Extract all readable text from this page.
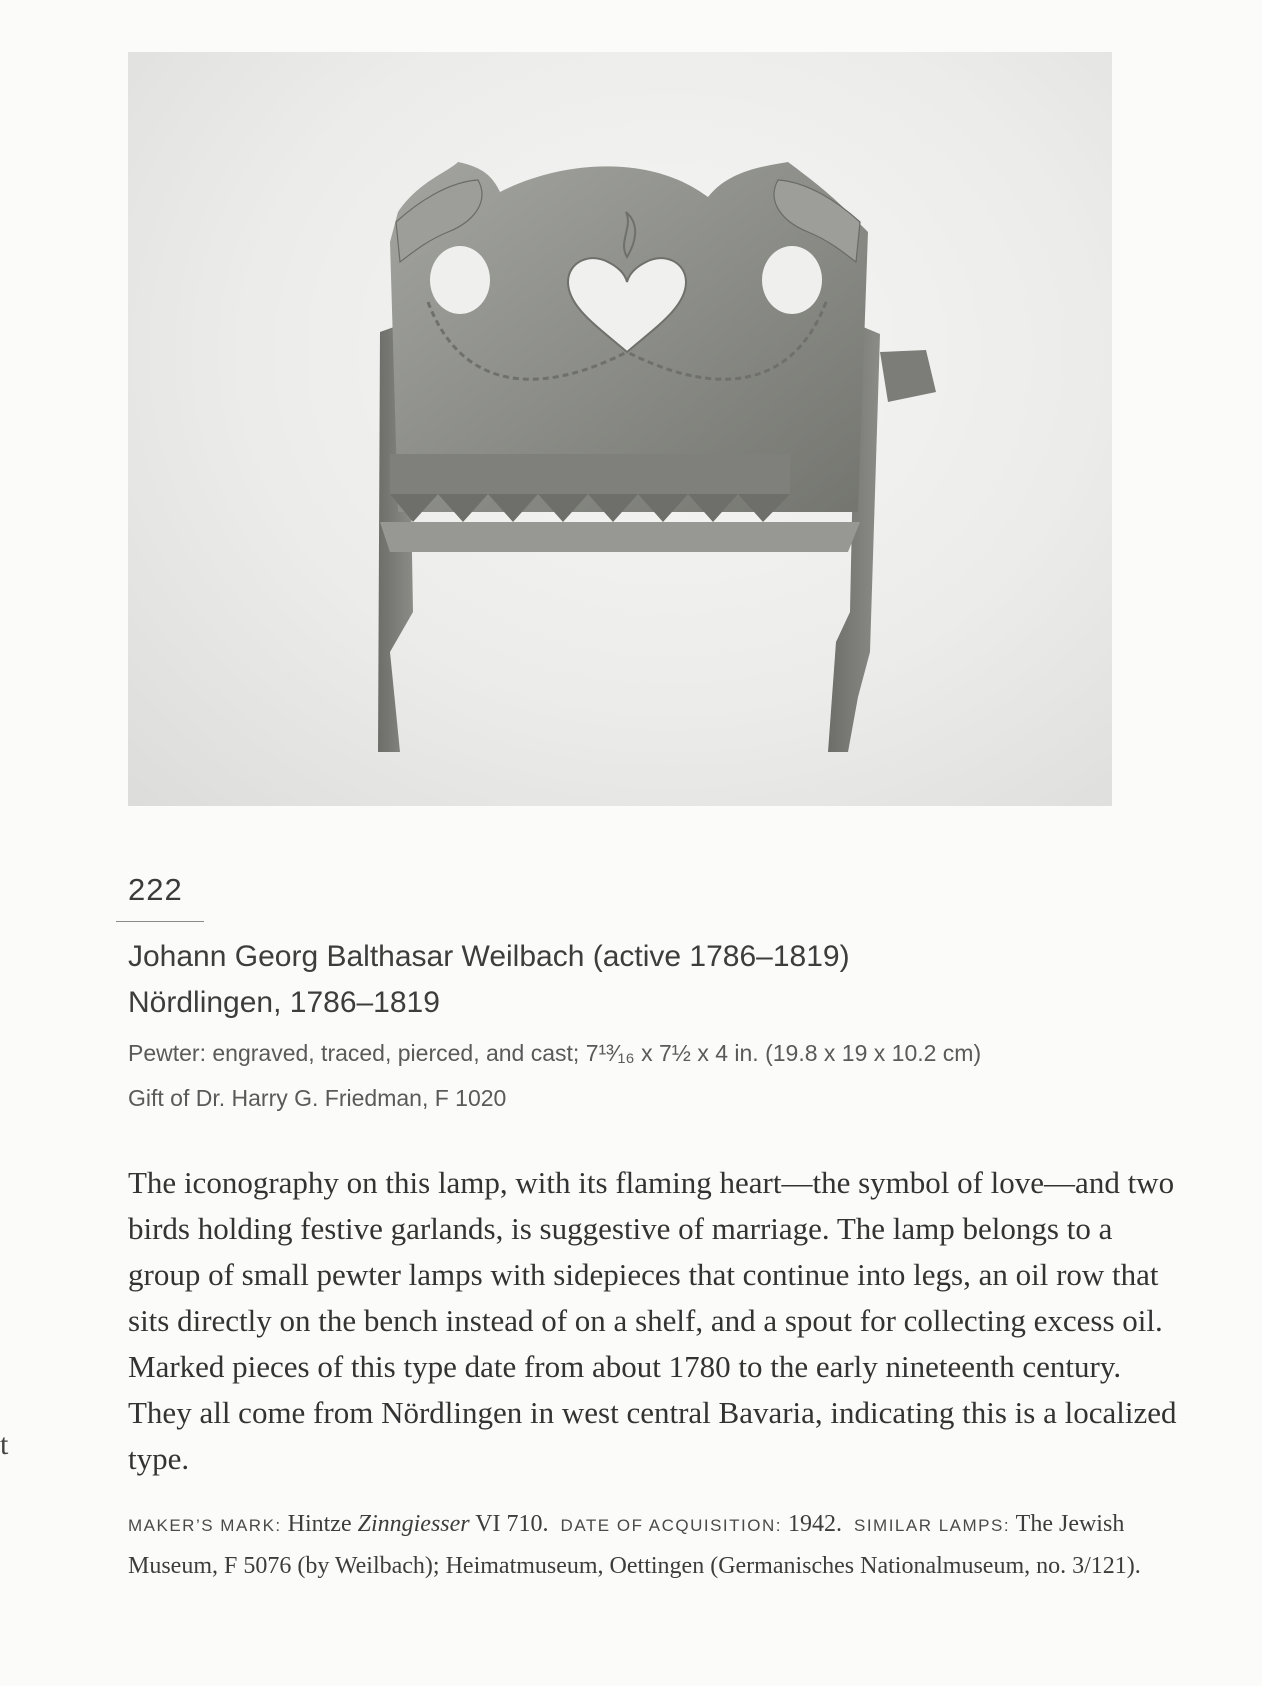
222
Johann Georg Balthasar Weilbach (active 1786–1819)
Nördlingen, 1786–1819
Pewter: engraved, traced, pierced, and cast; 7¹³⁄₁₆ x 7½ x 4 in. (19.8 x 19 x 10.2 cm)
Gift of Dr. Harry G. Friedman, F 1020

The iconography on this lamp, with its flaming heart—the symbol of love—and two birds holding festive garlands, is suggestive of marriage. The lamp belongs to a group of small pewter lamps with sidepieces that continue into legs, an oil row that sits directly on the bench instead of on a shelf, and a spout for collecting excess oil. Marked pieces of this type date from about 1780 to the early nineteenth century. They all come from Nördlingen in west central Bavaria, indicating this is a localized type.

MAKER’S MARK: Hintze Zinngiesser VI 710. DATE OF ACQUISITION: 1942. SIMILAR LAMPS: The Jewish Museum, F 5076 (by Weilbach); Heimatmuseum, Oettingen (Germanisches Nationalmuseum, no. 3/121).

t
